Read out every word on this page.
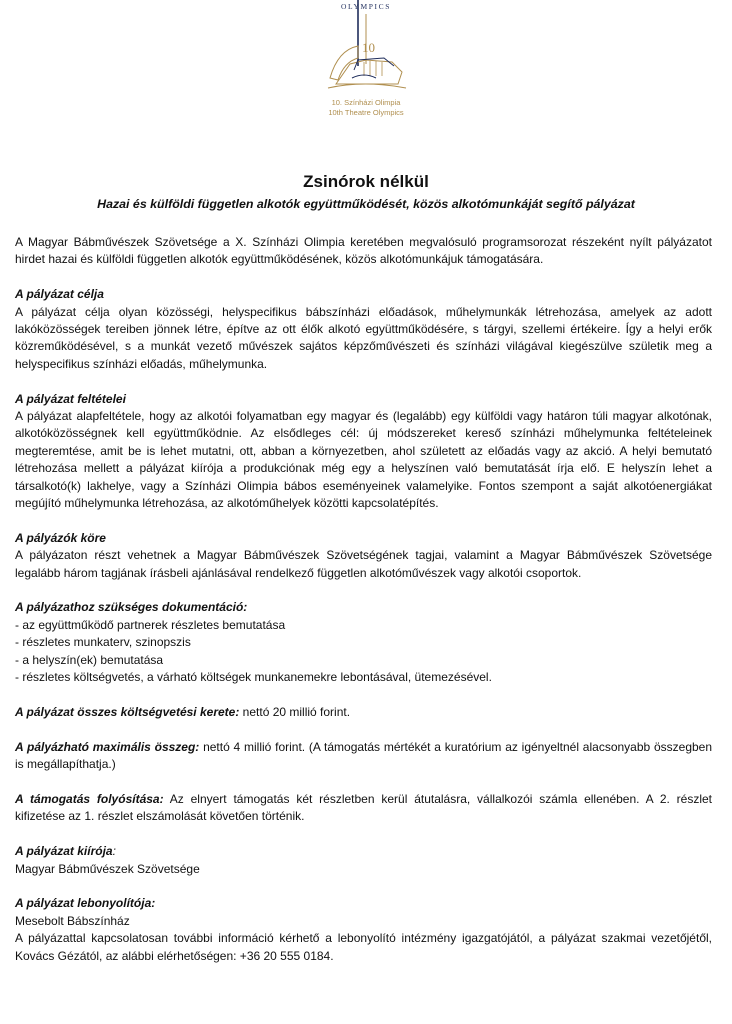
OLYMPICS
10
10. Színházi Olimpia
10th Theatre Olympics
Zsinórok nélkül
Hazai és külföldi független alkotók együttműködését, közös alkotómunkáját segítő pályázat

A Magyar Bábművészek Szövetsége a X. Színházi Olimpia keretében megvalósuló programsorozat részeként nyílt pályázatot hirdet hazai és külföldi független alkotók együttműködésének, közös alkotómunkájuk támogatására.

A pályázat célja

A pályázat célja olyan közösségi, helyspecifikus bábszínházi előadások, műhelymunkák létrehozása, amelyek az adott lakóközösségek tereiben jönnek létre, építve az ott élők alkotó együttműködésére, s tárgyi, szellemi értékeire. Így a helyi erők közreműködésével, s a munkát vezető művészek sajátos képzőművészeti és színházi világával kiegészülve születik meg a helyspecifikus színházi előadás, műhelymunka.

A pályázat feltételei

A pályázat alapfeltétele, hogy az alkotói folyamatban egy magyar és (legalább) egy külföldi vagy határon túli magyar alkotónak, alkotóközösségnek kell együttműködnie. Az elsődleges cél: új módszereket kereső színházi műhelymunka feltételeinek megteremtése, amit be is lehet mutatni, ott, abban a környezetben, ahol született az előadás vagy az akció. A helyi bemutató létrehozása mellett a pályázat kiírója a produkciónak még egy a helyszínen való bemutatását írja elő. E helyszín lehet a társalkotó(k) lakhelye, vagy a Színházi Olimpia bábos eseményeinek valamelyike. Fontos szempont a saját alkotóenergiákat megújító műhelymunka létrehozása, az alkotóműhelyek közötti kapcsolatépítés.

A pályázók köre

A pályázaton részt vehetnek a Magyar Bábművészek Szövetségének tagjai, valamint a Magyar Bábművészek Szövetsége legalább három tagjának írásbeli ajánlásával rendelkező független alkotóművészek vagy alkotói csoportok.

A pályázathoz szükséges dokumentáció:

- az együttműködő partnerek részletes bemutatása
- részletes munkaterv, szinopszis
- a helyszín(ek) bemutatása
- részletes költségvetés, a várható költségek munkanemekre lebontásával, ütemezésével.

A pályázat összes költségvetési kerete: nettó 20 millió forint.

A pályázható maximális összeg: nettó 4 millió forint. (A támogatás mértékét a kuratórium az igényeltnél alacsonyabb összegben is megállapíthatja.)

A támogatás folyósítása: Az elnyert támogatás két részletben kerül átutalásra, vállalkozói számla ellenében. A 2. részlet kifizetése az 1. részlet elszámolását követően történik.

A pályázat kiírója:

Magyar Bábművészek Szövetsége

A pályázat lebonyolítója:

Mesebolt Bábszínház

A pályázattal kapcsolatosan további információ kérhető a lebonyolító intézmény igazgatójától, a pályázat szakmai vezetőjétől, Kovács Gézától, az alábbi elérhetőségen: +36 20 555 0184.
